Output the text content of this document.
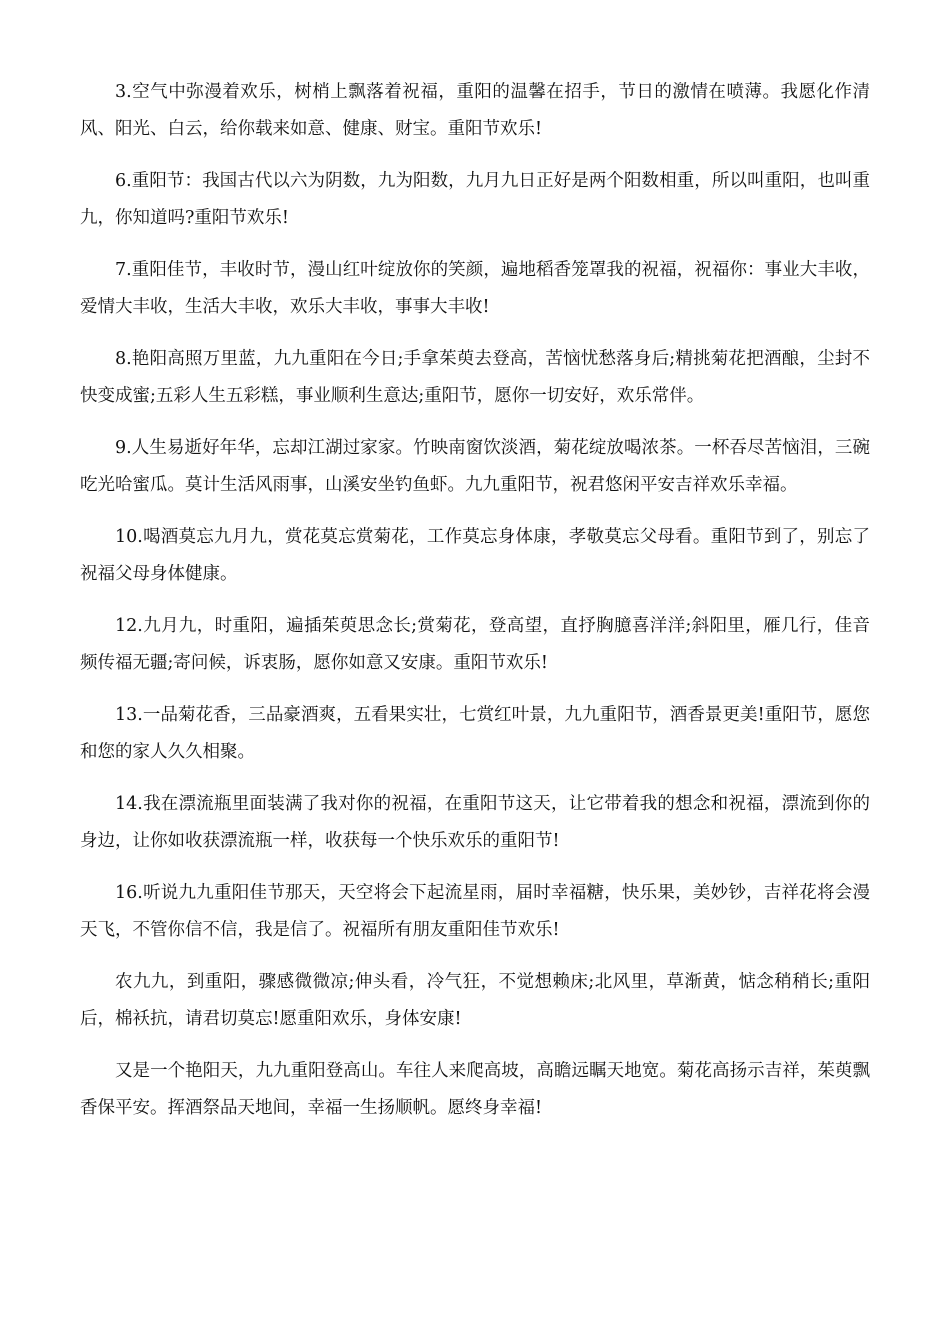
3.空气中弥漫着欢乐，树梢上飘落着祝福，重阳的温馨在招手，节日的激情在喷薄。我愿化作清风、阳光、白云，给你载来如意、健康、财宝。重阳节欢乐!

6.重阳节：我国古代以六为阴数，九为阳数，九月九日正好是两个阳数相重，所以叫重阳，也叫重九，你知道吗?重阳节欢乐!

7.重阳佳节，丰收时节，漫山红叶绽放你的笑颜，遍地稻香笼罩我的祝福，祝福你：事业大丰收，爱情大丰收，生活大丰收，欢乐大丰收，事事大丰收!

8.艳阳高照万里蓝，九九重阳在今日;手拿茱萸去登高，苦恼忧愁落身后;精挑菊花把酒酿，尘封不快变成蜜;五彩人生五彩糕，事业顺利生意达;重阳节，愿你一切安好，欢乐常伴。

9.人生易逝好年华，忘却江湖过家家。竹映南窗饮淡酒，菊花绽放喝浓茶。一杯吞尽苦恼泪，三碗吃光哈蜜瓜。莫计生活风雨事，山溪安坐钓鱼虾。九九重阳节，祝君悠闲平安吉祥欢乐幸福。

10.喝酒莫忘九月九，赏花莫忘赏菊花，工作莫忘身体康，孝敬莫忘父母看。重阳节到了，别忘了祝福父母身体健康。

12.九月九，时重阳，遍插茱萸思念长;赏菊花，登高望，直抒胸臆喜洋洋;斜阳里，雁几行，佳音频传福无疆;寄问候，诉衷肠，愿你如意又安康。重阳节欢乐!

13.一品菊花香，三品豪酒爽，五看果实壮，七赏红叶景，九九重阳节，酒香景更美!重阳节，愿您和您的家人久久相聚。

14.我在漂流瓶里面装满了我对你的祝福，在重阳节这天，让它带着我的想念和祝福，漂流到你的身边，让你如收获漂流瓶一样，收获每一个快乐欢乐的重阳节!

16.听说九九重阳佳节那天，天空将会下起流星雨，届时幸福糖，快乐果，美妙钞，吉祥花将会漫天飞，不管你信不信，我是信了。祝福所有朋友重阳佳节欢乐!

农九九，到重阳，骤感微微凉;伸头看，冷气狂，不觉想赖床;北风里，草渐黄，惦念稍稍长;重阳后，棉袄抗，请君切莫忘!愿重阳欢乐，身体安康!

又是一个艳阳天，九九重阳登高山。车往人来爬高坡，高瞻远瞩天地宽。菊花高扬示吉祥，茱萸飘香保平安。挥酒祭品天地间，幸福一生扬顺帆。愿终身幸福!
